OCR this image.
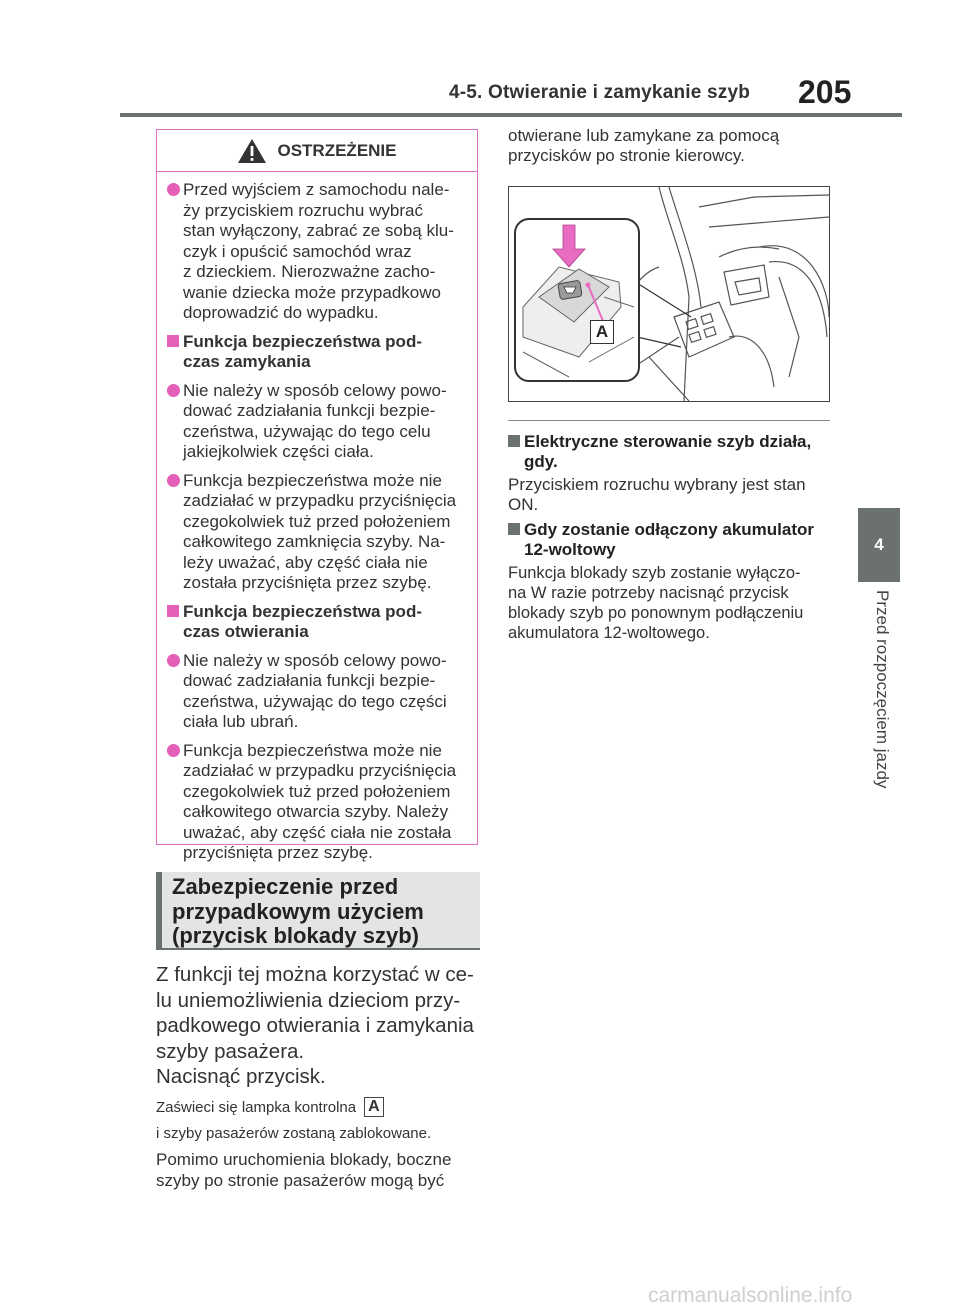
4-5. Otwieranie i zamykanie szyb 205
4
Przed rozpoczęciem jazdy
OSTRZEŻENIE
Przed wyjściem z samochodu nale-
ży przyciskiem rozruchu wybrać
stan wyłączony, zabrać ze sobą klu-
czyk i opuścić samochód wraz
z dzieckiem. Nierozważne zacho-
wanie dziecka może przypadkowo
doprowadzić do wypadku.
Funkcja bezpieczeństwa pod-
czas zamykania
Nie należy w sposób celowy powo-
dować zadziałania funkcji bezpie-
czeństwa, używając do tego celu
jakiejkolwiek części ciała.
Funkcja bezpieczeństwa może nie
zadziałać w przypadku przyciśnięcia
czegokolwiek tuż przed położeniem
całkowitego zamknięcia szyby. Na-
leży uważać, aby część ciała nie
została przyciśnięta przez szybę.
Funkcja bezpieczeństwa pod-
czas otwierania
Nie należy w sposób celowy powo-
dować zadziałania funkcji bezpie-
czeństwa, używając do tego części
ciała lub ubrań.
Funkcja bezpieczeństwa może nie
zadziałać w przypadku przyciśnięcia
czegokolwiek tuż przed położeniem
całkowitego otwarcia szyby. Należy
uważać, aby część ciała nie została
przyciśnięta przez szybę.
Zabezpieczenie przed
przypadkowym użyciem
(przycisk blokady szyb)
Z funkcji tej można korzystać w ce-
lu uniemożliwienia dzieciom przy-
padkowego otwierania i zamykania
szyby pasażera.
Nacisnąć przycisk.
Zaświeci się lampka kontrolna A
i szyby pasażerów zostaną zablokowane.
Pomimo uruchomienia blokady, boczne
szyby po stronie pasażerów mogą być
otwierane lub zamykane za pomocą
przycisków po stronie kierowcy.
A
Elektryczne sterowanie szyb działa,
gdy.
Przyciskiem rozruchu wybrany jest stan
ON.
Gdy zostanie odłączony akumulator
12-woltowy
Funkcja blokady szyb zostanie wyłączo-
na W razie potrzeby nacisnąć przycisk
blokady szyb po ponownym podłączeniu
akumulatora 12-woltowego.
carmanualsonline.info
